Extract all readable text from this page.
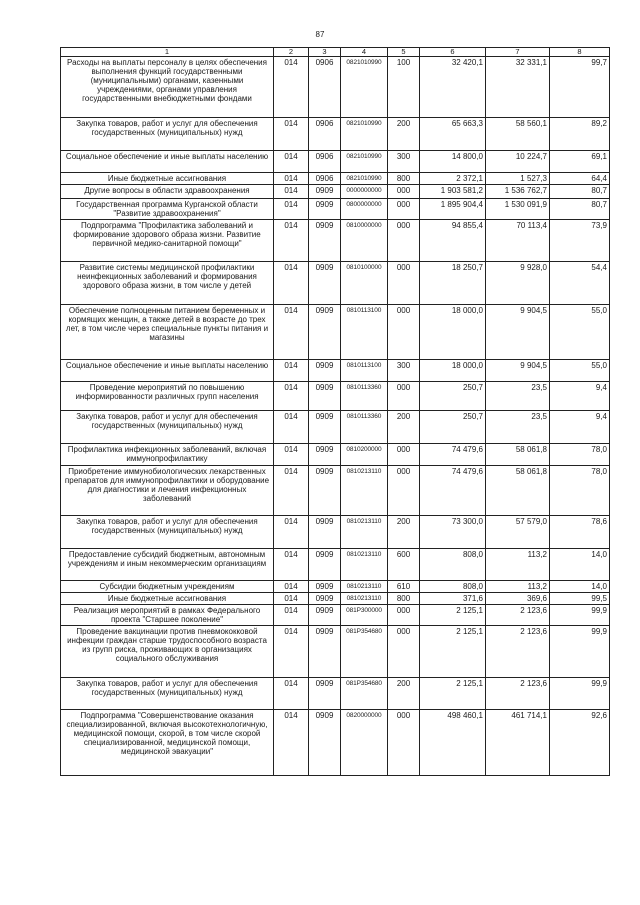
87
1	2	3	4	5	6	7	8
Расходы на выплаты персоналу в целях обеспечения выполнения функций государственными (муниципальными) органами, казенными учреждениями, органами управления государственными внебюджетными фондами	014	0906	0821010990	100	32 420,1	32 331,1	99,7
Закупка товаров, работ и услуг для обеспечения государственных (муниципальных) нужд	014	0906	0821010990	200	65 663,3	58 560,1	89,2
Социальное обеспечение и иные выплаты населению	014	0906	0821010990	300	14 800,0	10 224,7	69,1
Иные бюджетные ассигнования	014	0906	0821010990	800	2 372,1	1 527,3	64,4
Другие вопросы в области здравоохранения	014	0909	0000000000	000	1 903 581,2	1 536 762,7	80,7
Государственная программа Курганской области "Развитие здравоохранения"	014	0909	0800000000	000	1 895 904,4	1 530 091,9	80,7
Подпрограмма "Профилактика заболеваний и формирование здорового образа жизни. Развитие первичной медико-санитарной помощи"	014	0909	0810000000	000	94 855,4	70 113,4	73,9
Развитие системы медицинской профилактики неинфекционных заболеваний и формирования здорового образа жизни, в том числе у детей	014	0909	0810100000	000	18 250,7	9 928,0	54,4
Обеспечение полноценным питанием беременных и кормящих женщин, а также детей в возрасте до трех лет, в том числе через специальные пункты питания и магазины	014	0909	0810113100	000	18 000,0	9 904,5	55,0
Социальное обеспечение и иные выплаты населению	014	0909	0810113100	300	18 000,0	9 904,5	55,0
Проведение мероприятий по повышению информированности различных групп населения	014	0909	0810113360	000	250,7	23,5	9,4
Закупка товаров, работ и услуг для обеспечения государственных (муниципальных) нужд	014	0909	0810113360	200	250,7	23,5	9,4
Профилактика инфекционных заболеваний, включая иммунопрофилактику	014	0909	0810200000	000	74 479,6	58 061,8	78,0
Приобретение иммунобиологических лекарственных препаратов для иммунопрофилактики и оборудование для диагностики и лечения инфекционных заболеваний	014	0909	0810213110	000	74 479,6	58 061,8	78,0
Закупка товаров, работ и услуг для обеспечения государственных (муниципальных) нужд	014	0909	0810213110	200	73 300,0	57 579,0	78,6
Предоставление субсидий бюджетным, автономным учреждениям и иным некоммерческим организациям	014	0909	0810213110	600	808,0	113,2	14,0
Субсидии бюджетным учреждениям	014	0909	0810213110	610	808,0	113,2	14,0
Иные бюджетные ассигнования	014	0909	0810213110	800	371,6	369,6	99,5
Реализация мероприятий в рамках Федерального проекта "Старшее поколение"	014	0909	081P300000	000	2 125,1	2 123,6	99,9
Проведение вакцинации против пневмококковой инфекции граждан старше трудоспособного возраста из групп риска, проживающих в организациях социального обслуживания	014	0909	081P354680	000	2 125,1	2 123,6	99,9
Закупка товаров, работ и услуг для обеспечения государственных (муниципальных) нужд	014	0909	081P354680	200	2 125,1	2 123,6	99,9
Подпрограмма "Совершенствование оказания специализированной, включая высокотехнологичную, медицинской помощи, скорой, в том числе скорой специализированной, медицинской помощи, медицинской эвакуации"	014	0909	0820000000	000	498 460,1	461 714,1	92,6
